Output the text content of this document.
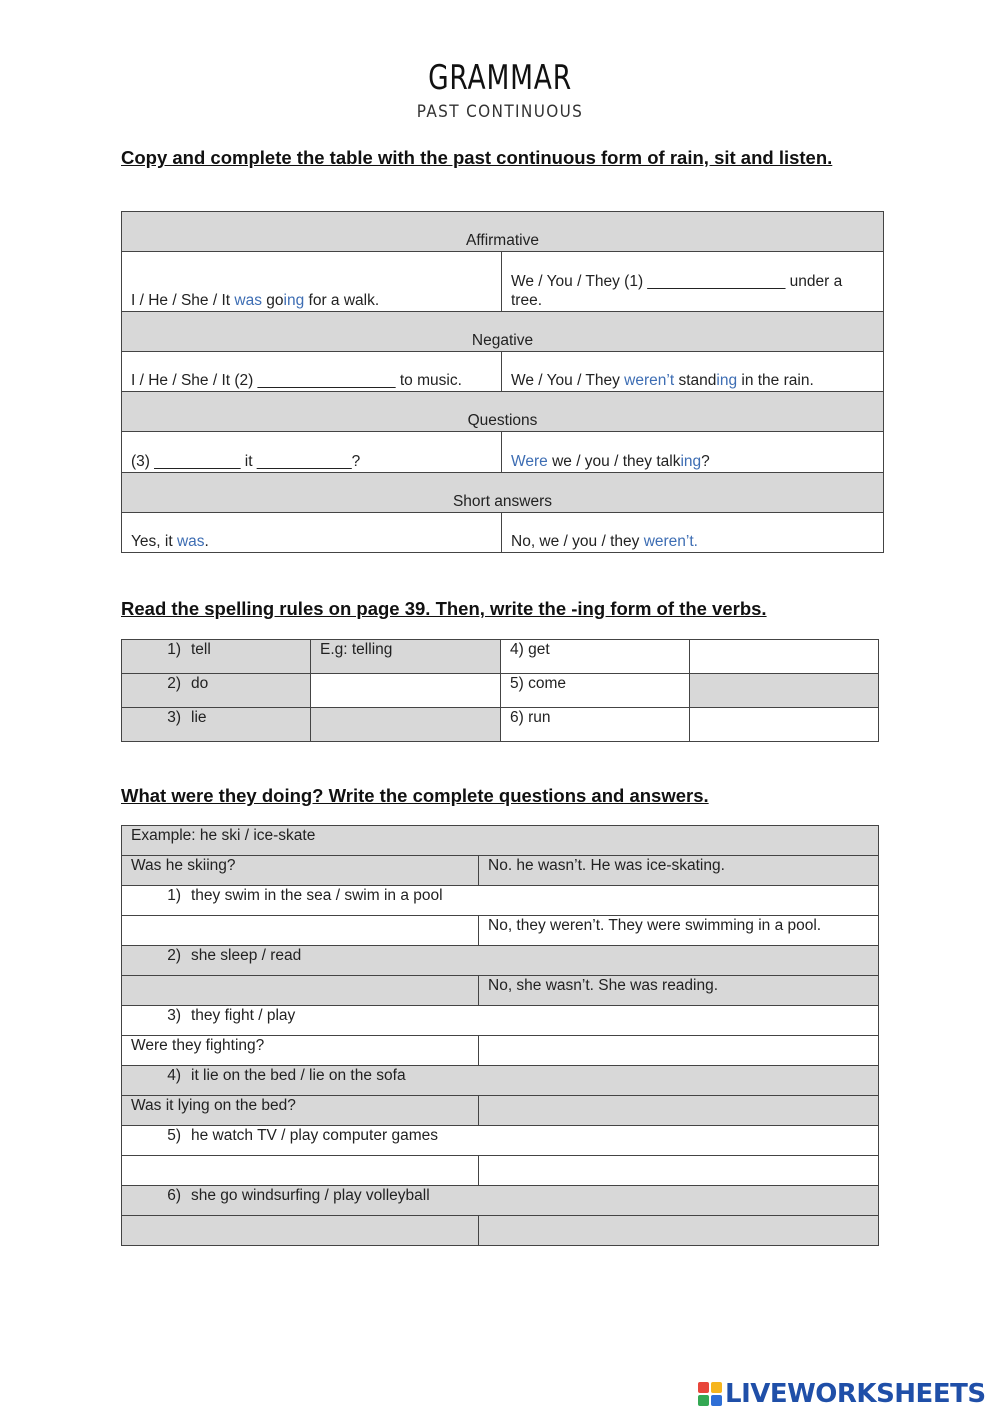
GRAMMAR
PAST CONTINUOUS
Copy and complete the table with the past continuous form of rain, sit and listen.
Affirmative	
I / He / She / It was going for a walk.	We / You / They (1) ________________ under a tree.
Negative	
I / He / She / It (2) ________________ to music.	We / You / They weren’t standing in the rain.
Questions	
(3) __________ it ___________?	Were we / you / they talking?
Short answers	
Yes, it was.	No, we / you / they weren’t.
Read the spelling rules on page 39. Then, write the -ing form of the verbs.
1) tell	E.g: telling	4) get	
2) do		5) come	
3) lie		6) run	
What were they doing? Write the complete questions and answers.
Example: he ski / ice-skate	
Was he skiing?	No. he wasn’t. He was ice-skating.
1) they swim in the sea / swim in a pool	
	No, they weren’t. They were swimming in a pool.
2) she sleep / read	
	No, she wasn’t. She was reading.
3) they fight / play	
Were they fighting?	
4) it lie on the bed / lie on the sofa	
Was it lying on the bed?	
5) he watch TV / play computer games	

6) she go windsurfing / play volleyball	

LIVEWORKSHEETS
